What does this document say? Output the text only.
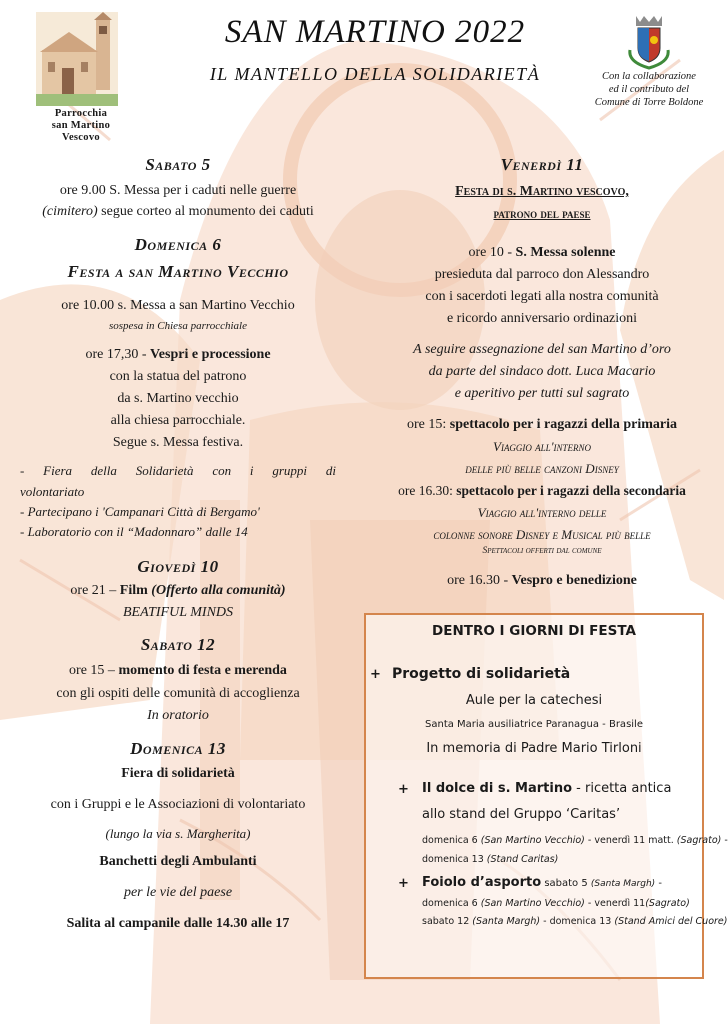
Parrocchia
san Martino
Vescovo
SAN MARTINO 2022
IL MANTELLO DELLA SOLIDARIETÀ	Con la collaborazione
ed il contributo del
Comune di Torre Boldone
Sabato 5
ore 9.00 S. Messa per i caduti nelle guerre
(cimitero) segue corteo al monumento dei caduti
Domenica 6
Festa a san Martino Vecchio
ore 10.00 s. Messa a san Martino Vecchio
sospesa in Chiesa parrocchiale
ore 17,30 - Vespri e processione
con la statua del patrono
da s. Martino vecchio
alla chiesa parrocchiale.
Segue s. Messa festiva.
- Fiera della Solidarietà con i gruppi di
volontariato
- Partecipano i 'Campanari Città di Bergamo'
- Laboratorio con il “Madonnaro” dalle 14
Giovedì 10
ore 21 – Film (Offerto alla comunità)
BEATIFUL MINDS
Sabato 12
ore 15 – momento di festa e merenda
con gli ospiti delle comunità di accoglienza
In oratorio
Domenica 13
Fiera di solidarietà
con i Gruppi e le Associazioni di volontariato
(lungo la via s. Margherita)
Banchetti degli Ambulanti
per le vie del paese
Salita al campanile dalle 14.30 alle 17
Venerdì 11
Festa di s. Martino vescovo,
patrono del paese
ore 10 - S. Messa solenne
presieduta dal parroco don Alessandro
con i sacerdoti legati alla nostra comunità
e ricordo anniversario ordinazioni
A seguire assegnazione del san Martino d’oro
da parte del sindaco dott. Luca Macario
e aperitivo per tutti sul sagrato
ore 15: spettacolo per i ragazzi della primaria
Viaggio all'interno
delle più belle canzoni Disney
ore 16.30: spettacolo per i ragazzi della secondaria
Viaggio all'interno delle
colonne sonore Disney e Musical più belle
Spettacoli offerti dal comune
ore 16.30 - Vespro e benedizione
DENTRO I GIORNI DI FESTA
+ Progetto di solidarietà
Aule per la catechesi
Santa Maria ausiliatrice Paranagua - Brasile
In memoria di Padre Mario Tirloni
+ Il dolce di s. Martino - ricetta antica
allo stand del Gruppo ‘Caritas’
domenica 6 (San Martino Vecchio) - venerdì 11 matt. (Sagrato) -
domenica 13 (Stand Caritas)
+ Foiolo d’asporto sabato 5 (Santa Margh) -
domenica 6 (San Martino Vecchio) - venerdì 11(Sagrato)
sabato 12 (Santa Margh) - domenica 13 (Stand Amici del Cuore)
